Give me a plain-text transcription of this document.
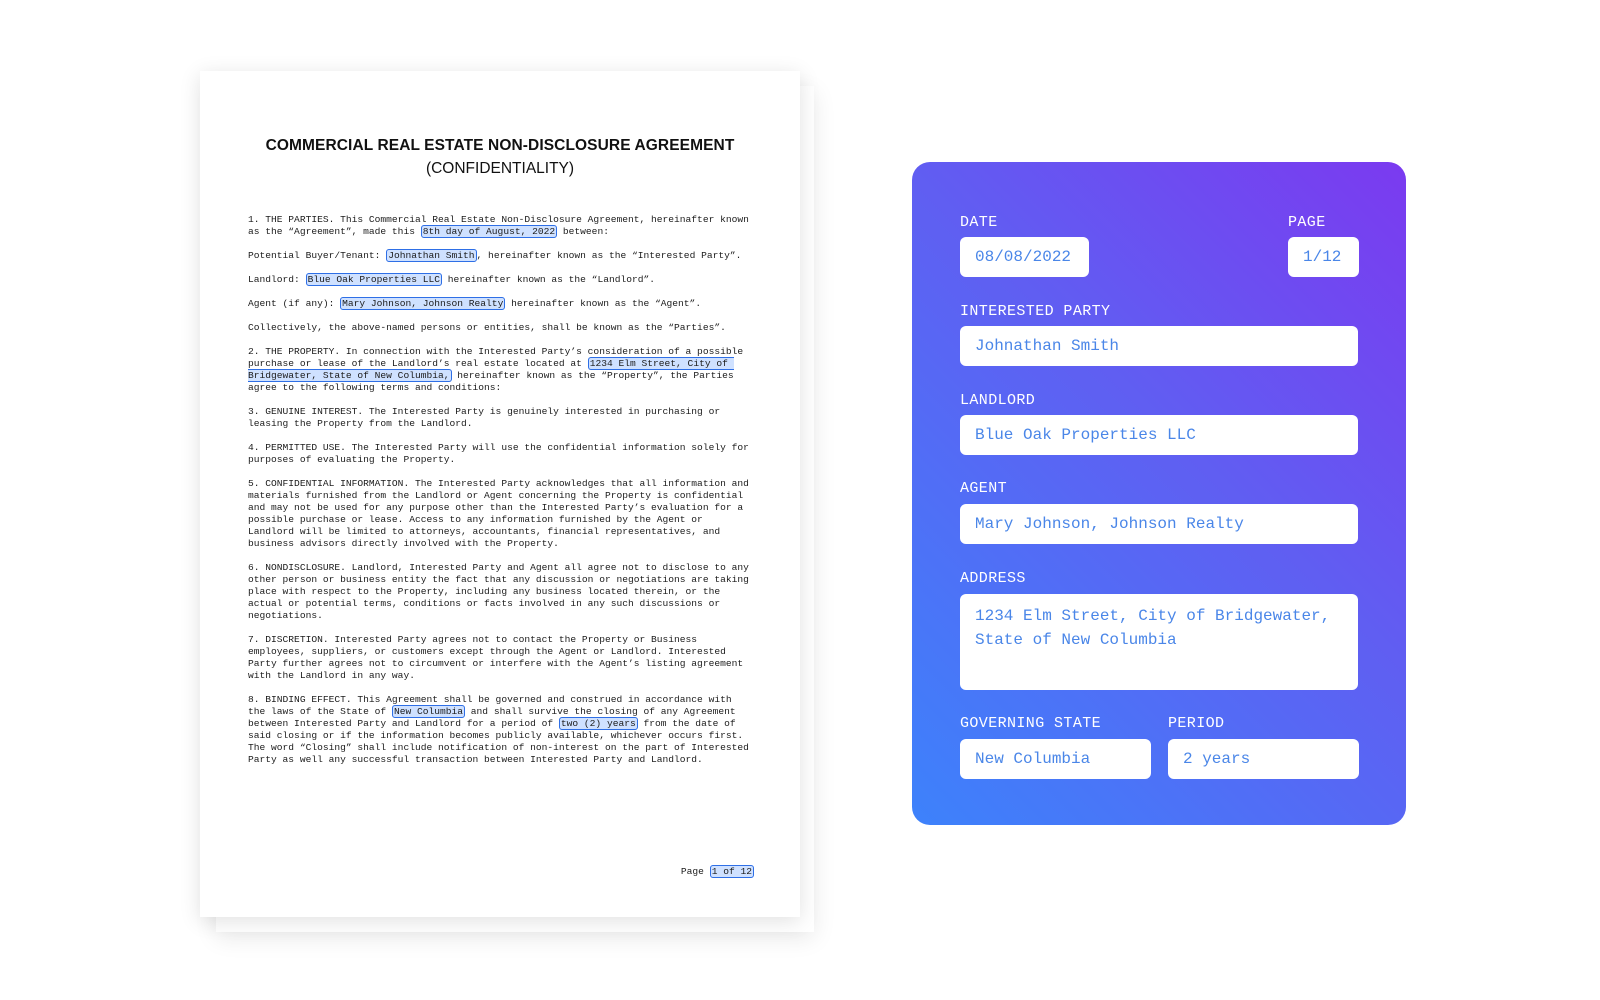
COMMERCIAL REAL ESTATE NON-DISCLOSURE AGREEMENT
(CONFIDENTIALITY)

1. THE PARTIES. This Commercial Real Estate Non-Disclosure Agreement, hereinafter known as the “Agreement”, made this 8th day of August, 2022 between:

Potential Buyer/Tenant: Johnathan Smith , hereinafter known as the “Interested Party”.

Landlord: Blue Oak Properties LLC hereinafter known as the “Landlord”.

Agent (if any): Mary Johnson, Johnson Realty hereinafter known as the “Agent”.

Collectively, the above-named persons or entities, shall be known as the “Parties”.

2. THE PROPERTY. In connection with the Interested Party’s consideration of a possible purchase or lease of the Landlord’s real estate located at 1234 Elm Street, City of Bridgewater, State of New Columbia, hereinafter known as the “Property”, the Parties agree to the following terms and conditions:

3. GENUINE INTEREST. The Interested Party is genuinely interested in purchasing or leasing the Property from the Landlord.

4. PERMITTED USE. The Interested Party will use the confidential information solely for purposes of evaluating the Property.

5. CONFIDENTIAL INFORMATION. The Interested Party acknowledges that all information and materials furnished from the Landlord or Agent concerning the Property is confidential and may not be used for any purpose other than the Interested Party’s evaluation for a possible purchase or lease. Access to any information furnished by the Agent or Landlord will be limited to attorneys, accountants, financial representatives, and business advisors directly involved with the Property.

6. NONDISCLOSURE. Landlord, Interested Party and Agent all agree not to disclose to any other person or business entity the fact that any discussion or negotiations are taking place with respect to the Property, including any business located therein, or the actual or potential terms, conditions or facts involved in any such discussions or negotiations.

7. DISCRETION. Interested Party agrees not to contact the Property or Business employees, suppliers, or customers except through the Agent or Landlord. Interested Party further agrees not to circumvent or interfere with the Agent’s listing agreement with the Landlord in any way.

8. BINDING EFFECT. This Agreement shall be governed and construed in accordance with the laws of the State of New Columbia and shall survive the closing of any Agreement between Interested Party and Landlord for a period of two (2) years from the date of said closing or if the information becomes publicly available, whichever occurs first. The word “Closing” shall include notification of non-interest on the part of Interested Party as well any successful transaction between Interested Party and Landlord.

Page 1 of 12
DATE
08/08/2022
PAGE
1/12
INTERESTED PARTY
Johnathan Smith
LANDLORD
Blue Oak Properties LLC
AGENT
Mary Johnson, Johnson Realty
ADDRESS
1234 Elm Street, City of Bridgewater, State of New Columbia
GOVERNING STATE
New Columbia
PERIOD
2 years
